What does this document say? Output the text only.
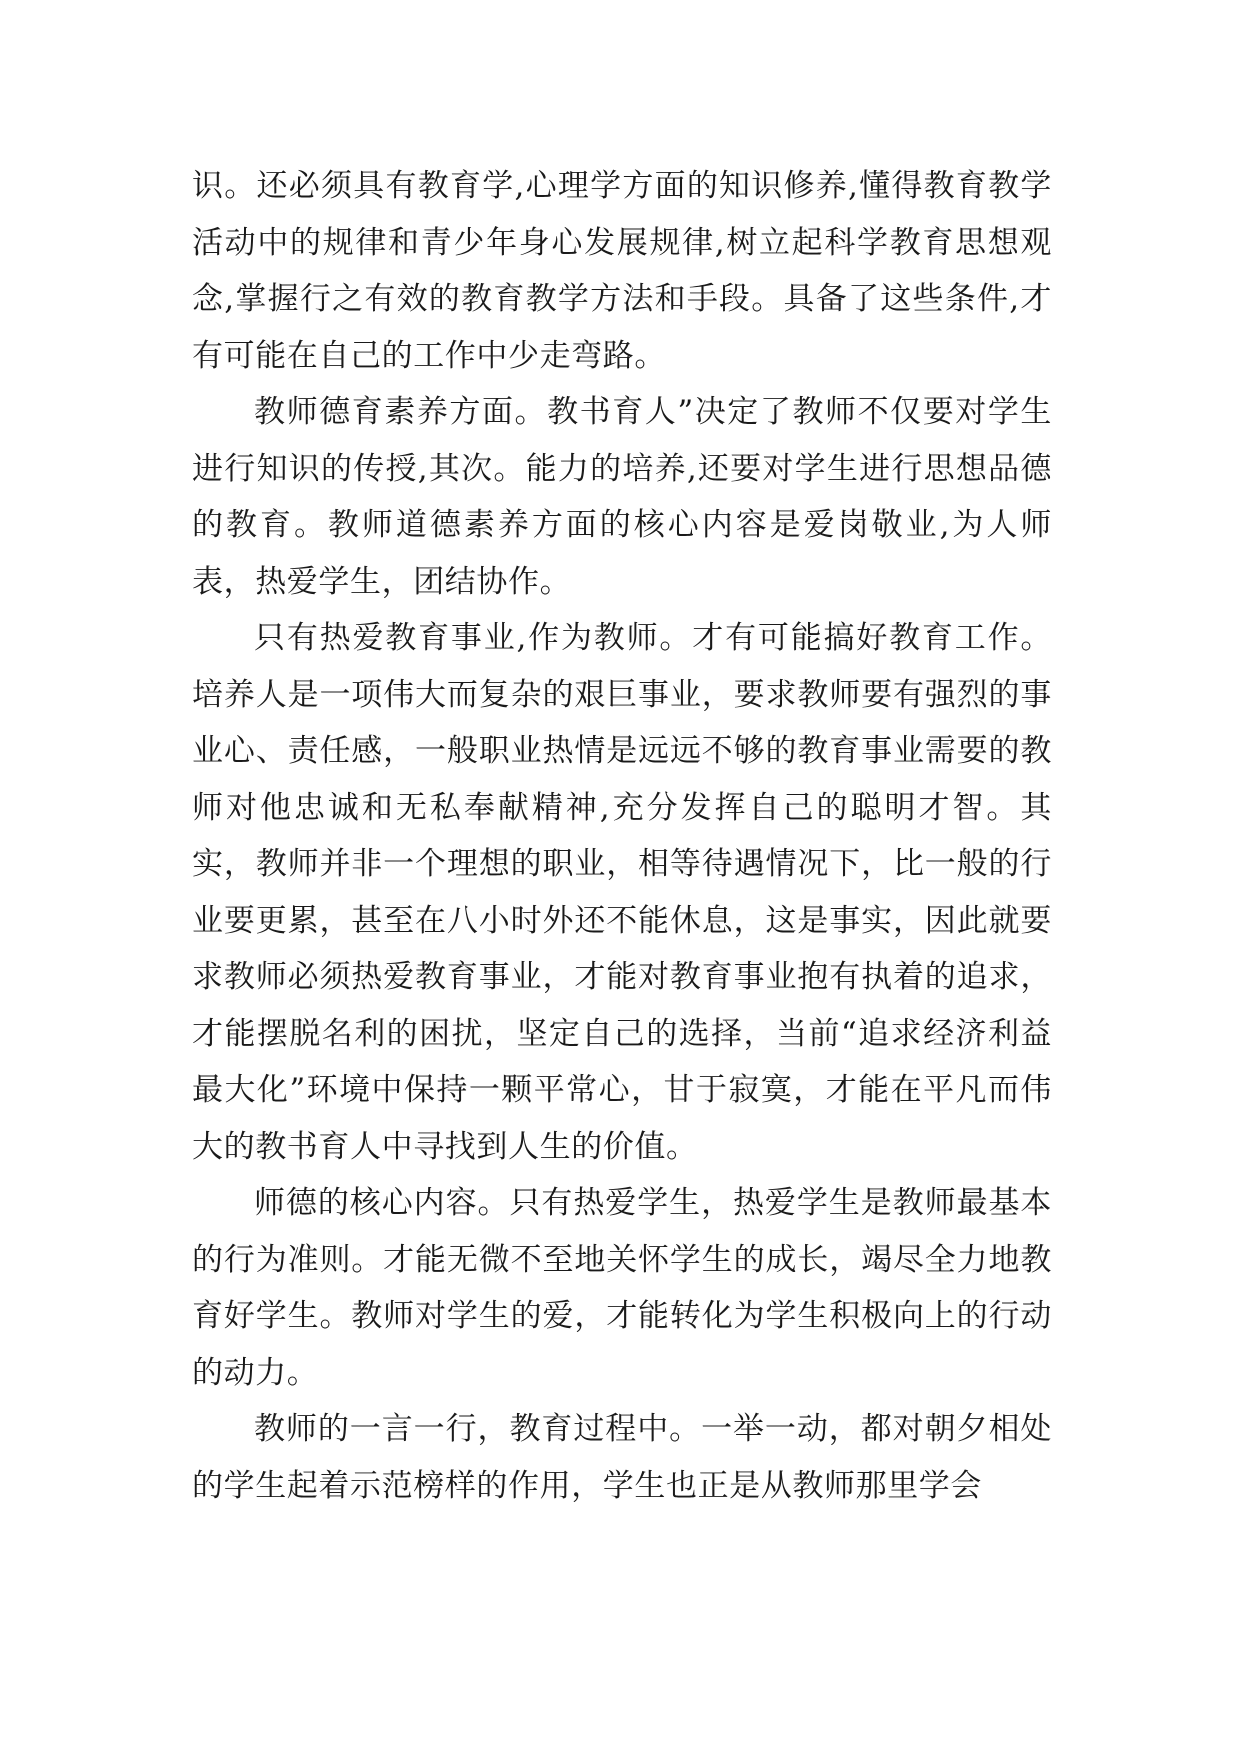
识。还必须具有教育学,心理学方面的知识修养,懂得教育教学活动中的规律和青少年身心发展规律,树立起科学教育思想观念,掌握行之有效的教育教学方法和手段。具备了这些条件,才有可能在自己的工作中少走弯路。

教师德育素养方面。教书育人”决定了教师不仅要对学生进行知识的传授,其次。能力的培养,还要对学生进行思想品德的教育。教师道德素养方面的核心内容是爱岗敬业,为人师表，热爱学生，团结协作。

只有热爱教育事业,作为教师。才有可能搞好教育工作。培养人是一项伟大而复杂的艰巨事业，要求教师要有强烈的事业心、责任感，一般职业热情是远远不够的教育事业需要的教师对他忠诚和无私奉献精神,充分发挥自己的聪明才智。其实，教师并非一个理想的职业，相等待遇情况下，比一般的行业要更累，甚至在八小时外还不能休息，这是事实，因此就要求教师必须热爱教育事业，才能对教育事业抱有执着的追求，才能摆脱名利的困扰，坚定自己的选择，当前“追求经济利益最大化”环境中保持一颗平常心，甘于寂寞，才能在平凡而伟大的教书育人中寻找到人生的价值。

师德的核心内容。只有热爱学生，热爱学生是教师最基本的行为准则。才能无微不至地关怀学生的成长，竭尽全力地教育好学生。教师对学生的爱，才能转化为学生积极向上的行动的动力。

教师的一言一行，教育过程中。一举一动，都对朝夕相处的学生起着示范榜样的作用，学生也正是从教师那里学会
